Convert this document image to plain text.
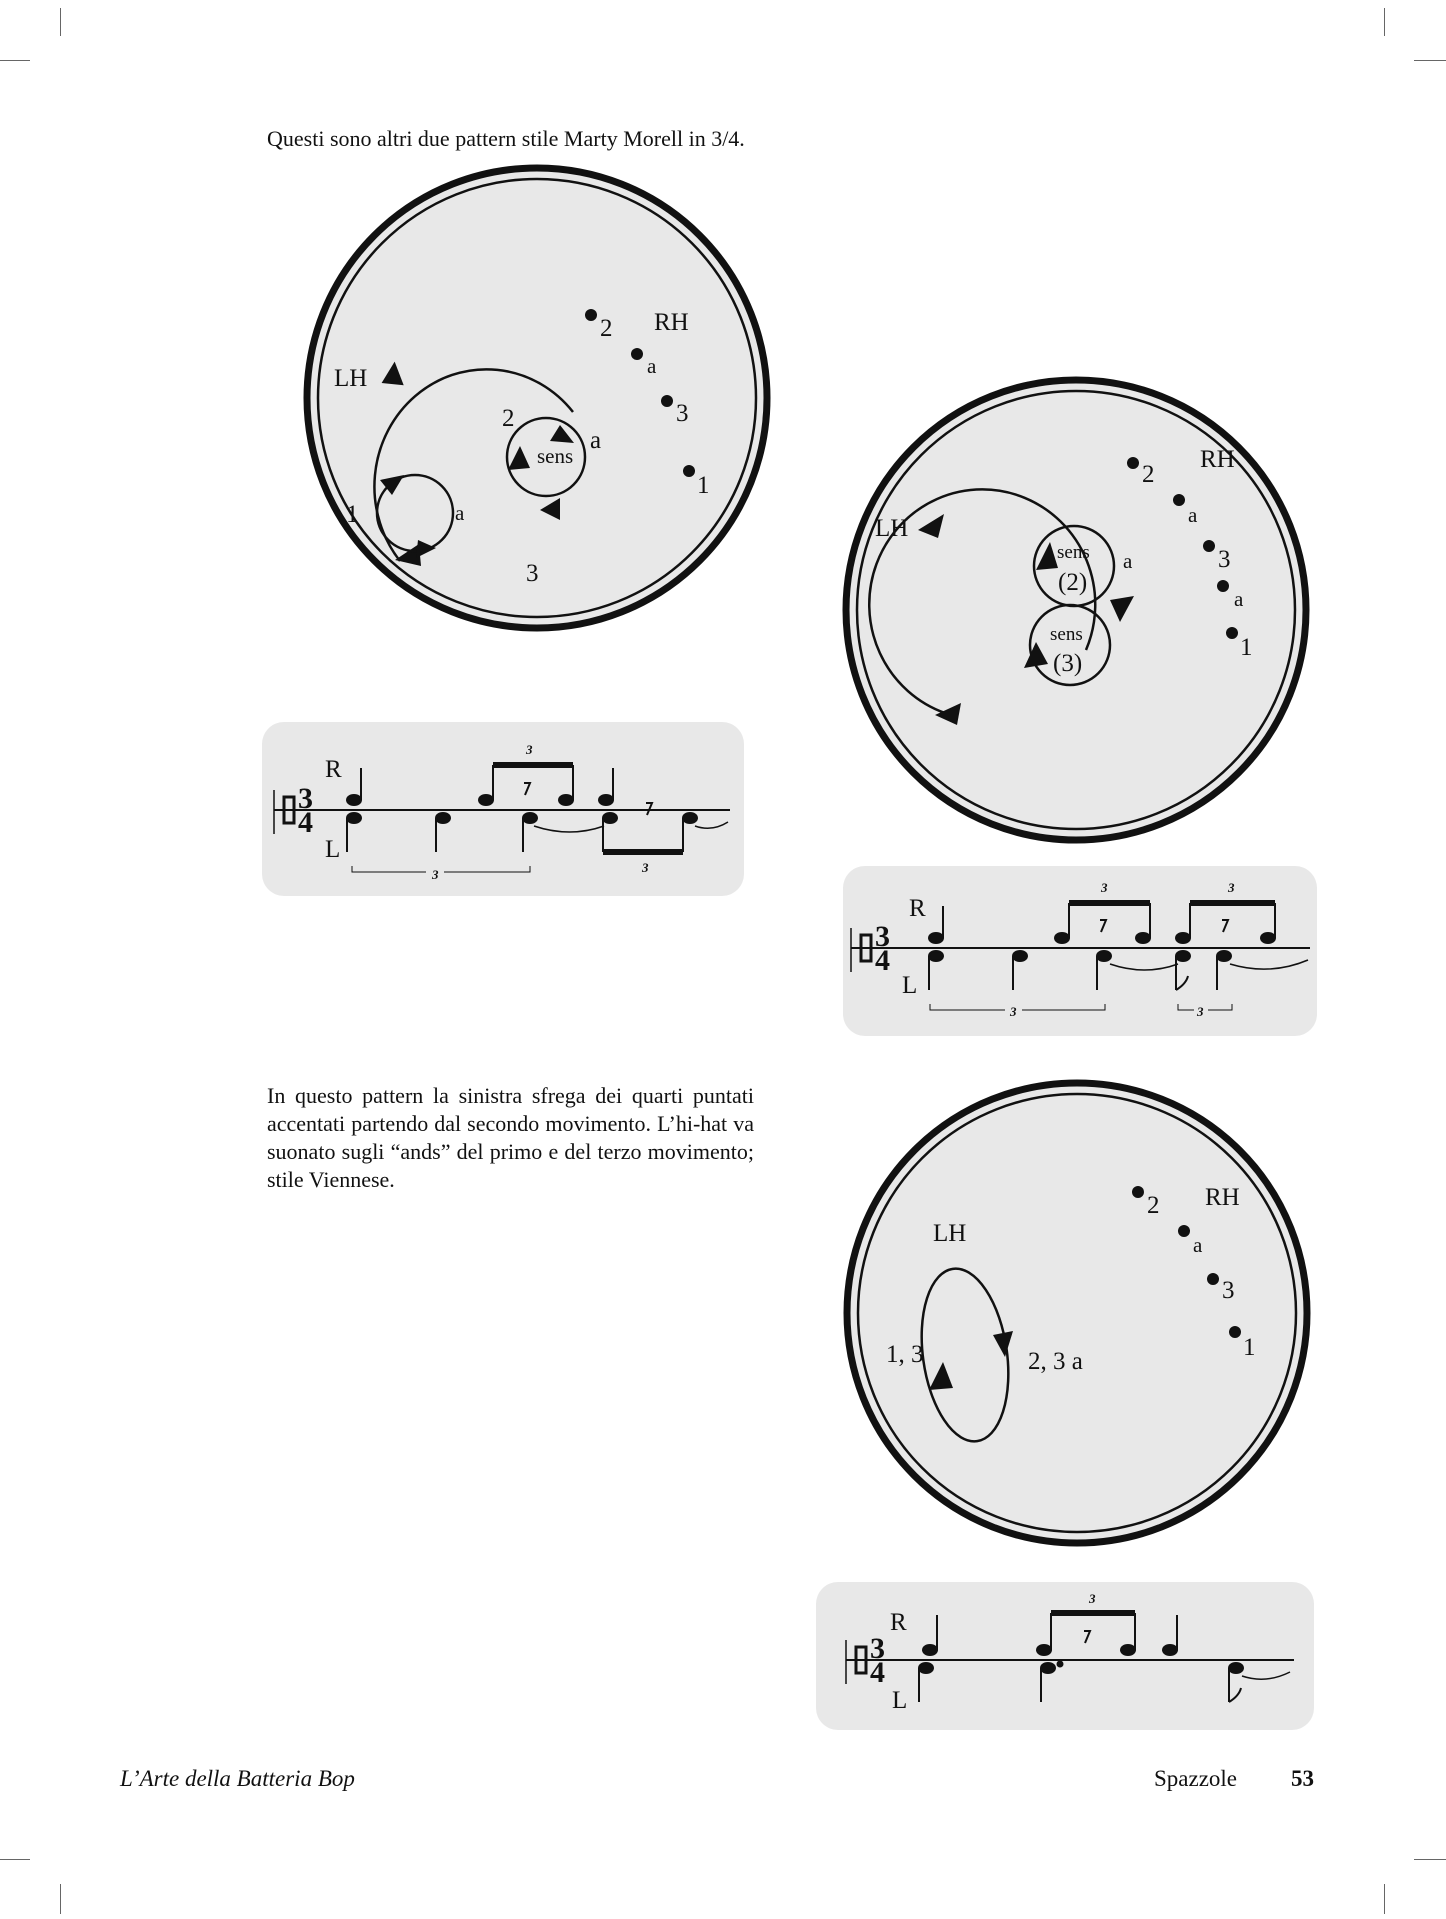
Questi sono altri due pattern stile Marty Morell in 3/4.
In questo pattern la sinistra sfrega dei quarti puntati accentati partendo dal secondo movimento. L’hi-hat va suonato sugli “ands” del primo e del terzo movimento; stile Viennese.
LH
RH
sens
1	a
2
a
3
2
a
3
1
LH
RH
sens
(2)
sens
(3)
a
2
a
3
a
1
LH
RH
1, 3	2, 3 a
2
a
3
1
3
4
R
L
3
3	3
3
4
R
L
3	3
3	3
3
4
R
L
3
L’Arte della Batteria Bop	Spazzole 53
